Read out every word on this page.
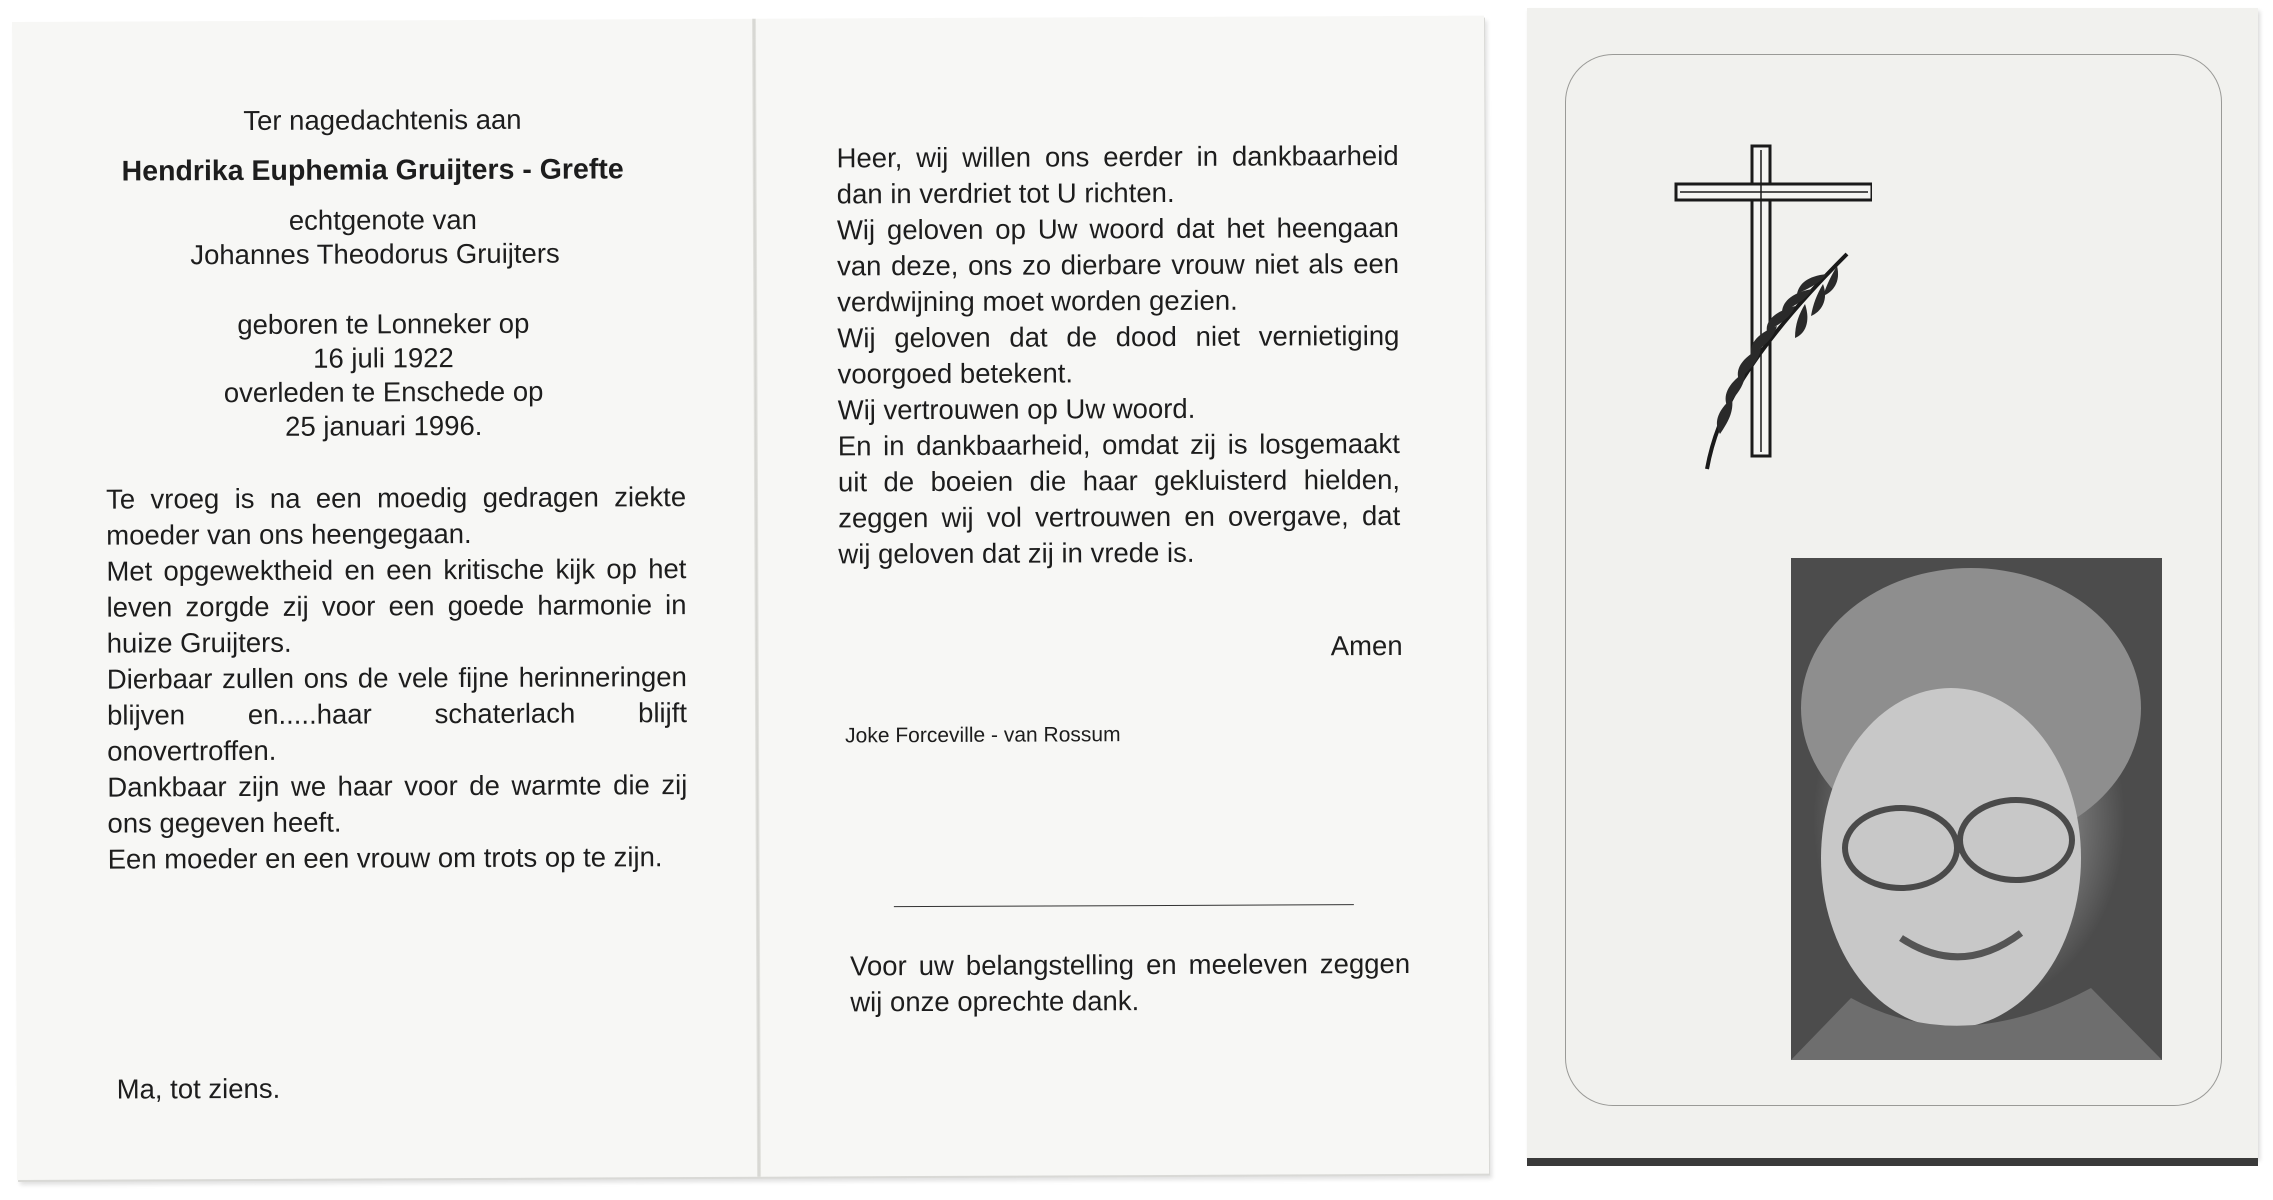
Ter nagedachtenis aan
Hendrika Euphemia Gruijters - Grefte
echtgenote van
Johannes Theodorus Gruijters
geboren te Lonneker op
16 juli 1922
overleden te Enschede op
25 januari 1996.

Te vroeg is na een moedig gedragen ziekte moeder van ons heengegaan.

Met opgewektheid en een kritische kijk op het leven zorgde zij voor een goede harmonie in huize Gruijters.

Dierbaar zullen ons de vele fijne herinneringen blijven en.....haar schaterlach blijft onovertroffen.

Dankbaar zijn we haar voor de warmte die zij ons gegeven heeft.

Een moeder en een vrouw om trots op te zijn.

Ma, tot ziens.

Heer, wij willen ons eerder in dankbaarheid dan in verdriet tot U richten.

Wij geloven op Uw woord dat het heengaan van deze, ons zo dierbare vrouw niet als een verdwijning moet worden gezien.

Wij geloven dat de dood niet vernietiging voorgoed betekent.

Wij vertrouwen op Uw woord.

En in dankbaarheid, omdat zij is losgemaakt uit de boeien die haar gekluisterd hielden, zeggen wij vol vertrouwen en overgave, dat wij geloven dat zij in vrede is.

Amen
Joke Forceville - van Rossum
Voor uw belangstelling en meeleven zeggen wij onze oprechte dank.
